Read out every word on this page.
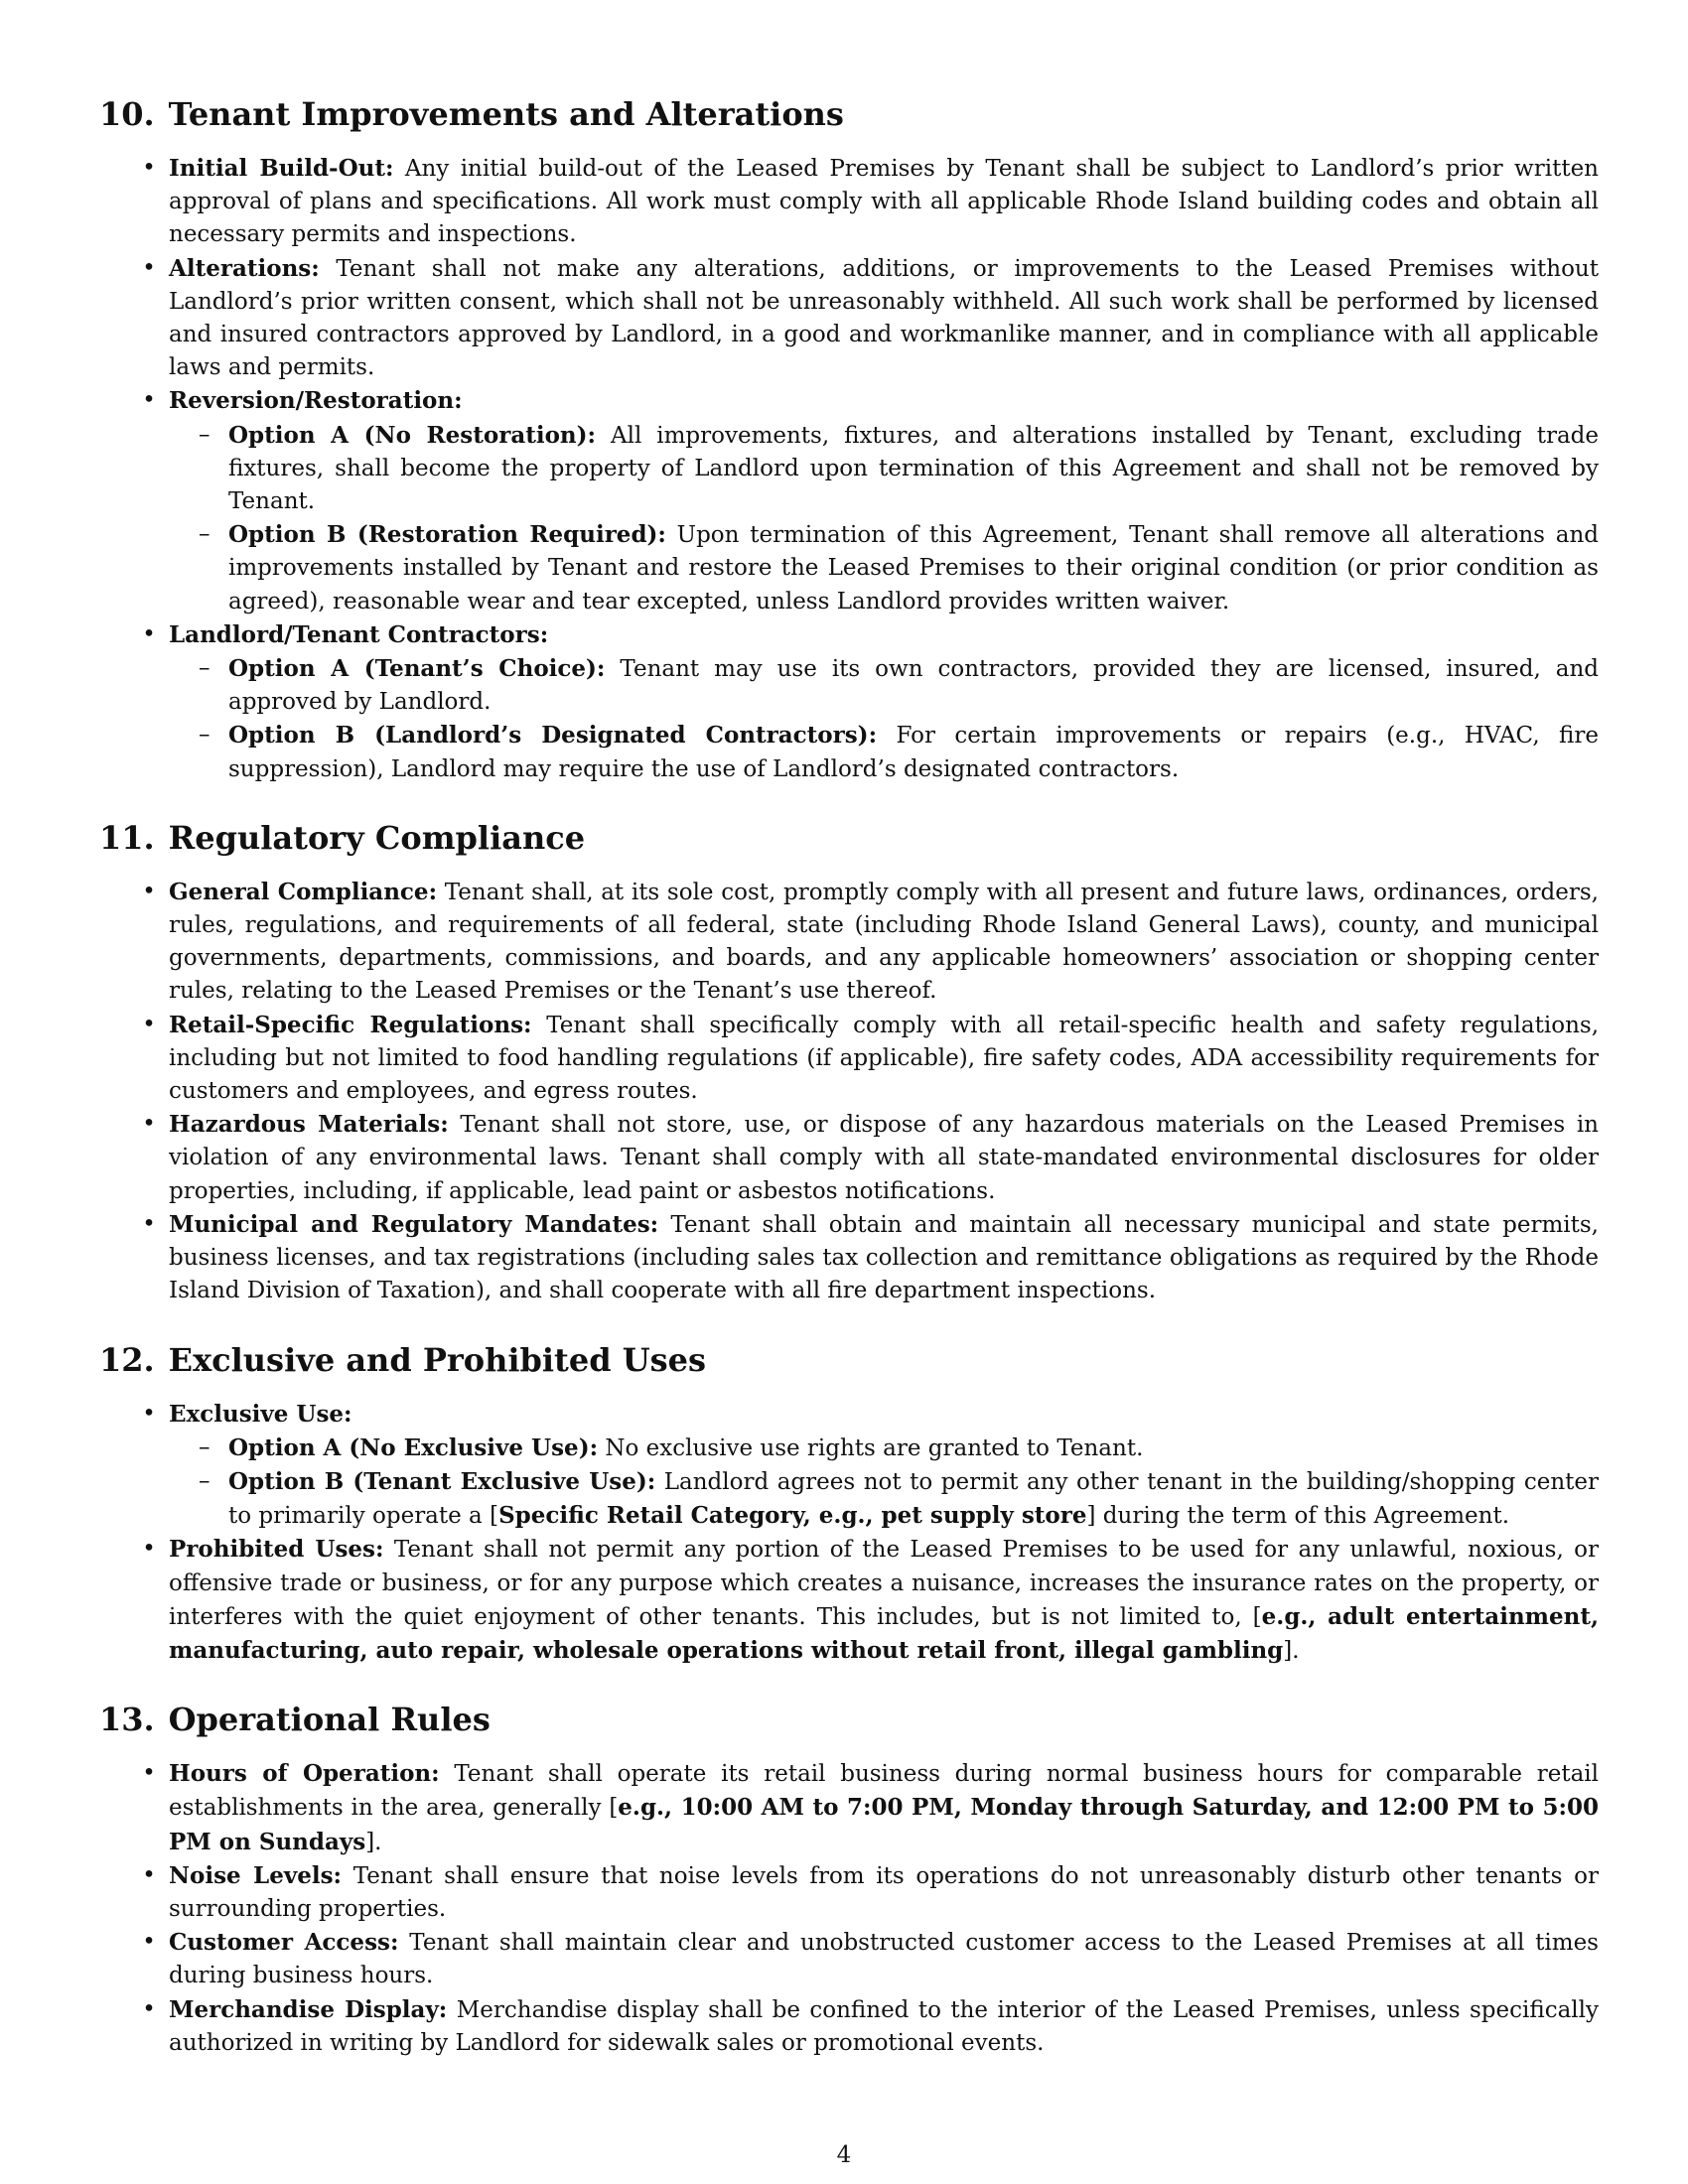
10. Tenant Improvements and Alterations
• Initial Build-Out: Any initial build-out of the Leased Premises by Tenant shall be subject to Landlord’s prior written approval of plans and specifications. All work must comply with all applicable Rhode Island building codes and obtain all necessary permits and inspections.
• Alterations: Tenant shall not make any alterations, additions, or improvements to the Leased Premises without Landlord’s prior written consent, which shall not be unreasonably withheld. All such work shall be performed by licensed and insured contractors approved by Landlord, in a good and workmanlike manner, and in compliance with all applicable laws and permits.
• Reversion/Restoration:
– Option A (No Restoration): All improvements, fixtures, and alterations installed by Tenant, excluding trade fixtures, shall become the property of Landlord upon termination of this Agreement and shall not be removed by Tenant.
– Option B (Restoration Required): Upon termination of this Agreement, Tenant shall remove all alterations and improvements installed by Tenant and restore the Leased Premises to their original condition (or prior condition as agreed), reasonable wear and tear excepted, unless Landlord provides written waiver.
• Landlord/Tenant Contractors:
– Option A (Tenant’s Choice): Tenant may use its own contractors, provided they are licensed, insured, and approved by Landlord.
– Option B (Landlord’s Designated Contractors): For certain improvements or repairs (e.g., HVAC, fire suppression), Landlord may require the use of Landlord’s designated contractors.
11. Regulatory Compliance
• General Compliance: Tenant shall, at its sole cost, promptly comply with all present and future laws, ordinances, orders, rules, regulations, and requirements of all federal, state (including Rhode Island General Laws), county, and municipal governments, departments, commissions, and boards, and any applicable homeowners’ association or shopping center rules, relating to the Leased Premises or the Tenant’s use thereof.
• Retail-Specific Regulations: Tenant shall specifically comply with all retail-specific health and safety regulations, including but not limited to food handling regulations (if applicable), fire safety codes, ADA accessibility requirements for customers and employees, and egress routes.
• Hazardous Materials: Tenant shall not store, use, or dispose of any hazardous materials on the Leased Premises in violation of any environmental laws. Tenant shall comply with all state-mandated environmental disclosures for older properties, including, if applicable, lead paint or asbestos notifications.
• Municipal and Regulatory Mandates: Tenant shall obtain and maintain all necessary municipal and state permits, business licenses, and tax registrations (including sales tax collection and remittance obligations as required by the Rhode Island Division of Taxation), and shall cooperate with all fire department inspections.
12. Exclusive and Prohibited Uses
• Exclusive Use:
– Option A (No Exclusive Use): No exclusive use rights are granted to Tenant.
– Option B (Tenant Exclusive Use): Landlord agrees not to permit any other tenant in the building/shopping center to primarily operate a [Specific Retail Category, e.g., pet supply store] during the term of this Agreement.
• Prohibited Uses: Tenant shall not permit any portion of the Leased Premises to be used for any unlawful, noxious, or offensive trade or business, or for any purpose which creates a nuisance, increases the insurance rates on the property, or interferes with the quiet enjoyment of other tenants. This includes, but is not limited to, [e.g., adult entertainment, manufacturing, auto repair, wholesale operations without retail front, illegal gambling].
13. Operational Rules
• Hours of Operation: Tenant shall operate its retail business during normal business hours for comparable retail establishments in the area, generally [e.g., 10:00 AM to 7:00 PM, Monday through Saturday, and 12:00 PM to 5:00 PM on Sundays].
• Noise Levels: Tenant shall ensure that noise levels from its operations do not unreasonably disturb other tenants or surrounding properties.
• Customer Access: Tenant shall maintain clear and unobstructed customer access to the Leased Premises at all times during business hours.
• Merchandise Display: Merchandise display shall be confined to the interior of the Leased Premises, unless specifically authorized in writing by Landlord for sidewalk sales or promotional events.
4
